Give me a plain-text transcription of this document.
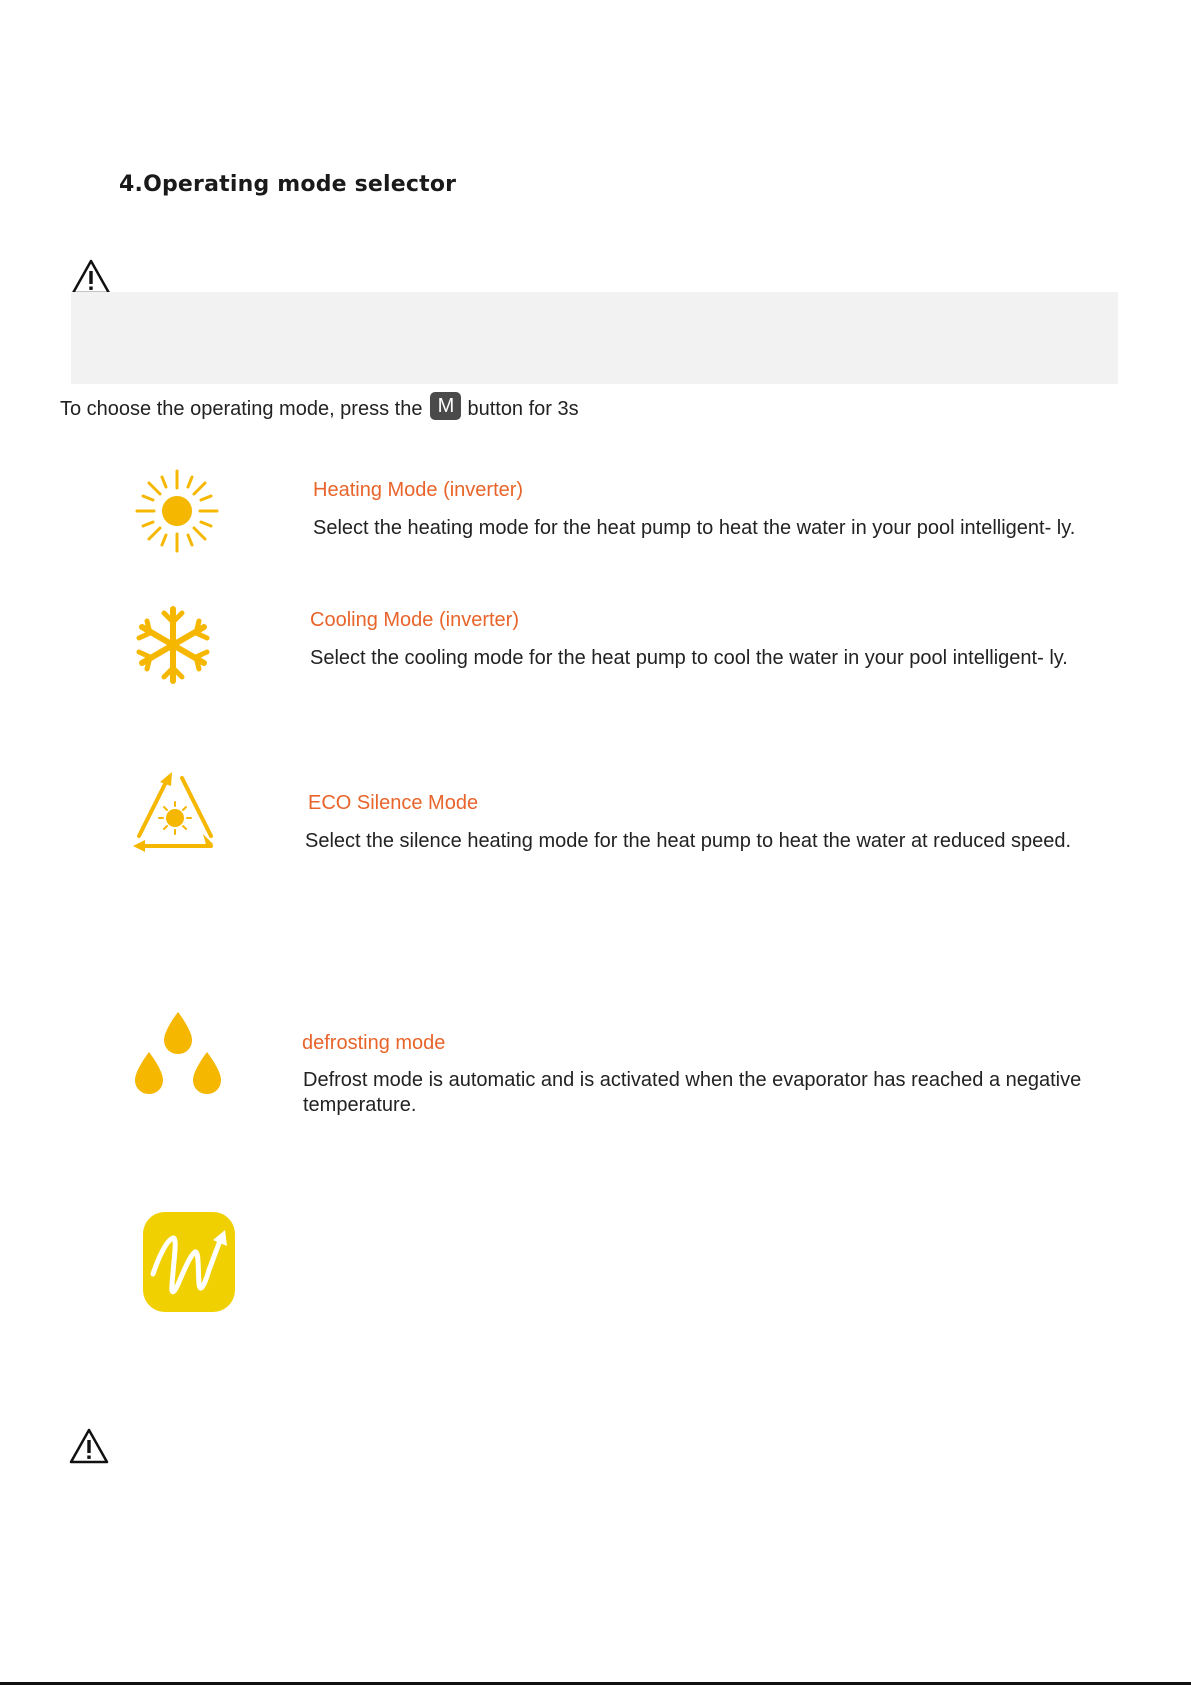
4.Operating mode selector
To choose the operating mode, press the M button for 3s
Heating Mode (inverter)
Select the heating mode for the heat pump to heat the water in your pool intelligent- ly.
Cooling Mode (inverter)
Select the cooling mode for the heat pump to cool the water in your pool intelligent- ly.
ECO Silence Mode
Select the silence heating mode for the heat pump to heat the water at reduced speed.
defrosting mode
Defrost mode is automatic and is activated when the evaporator has reached a negative temperature.
